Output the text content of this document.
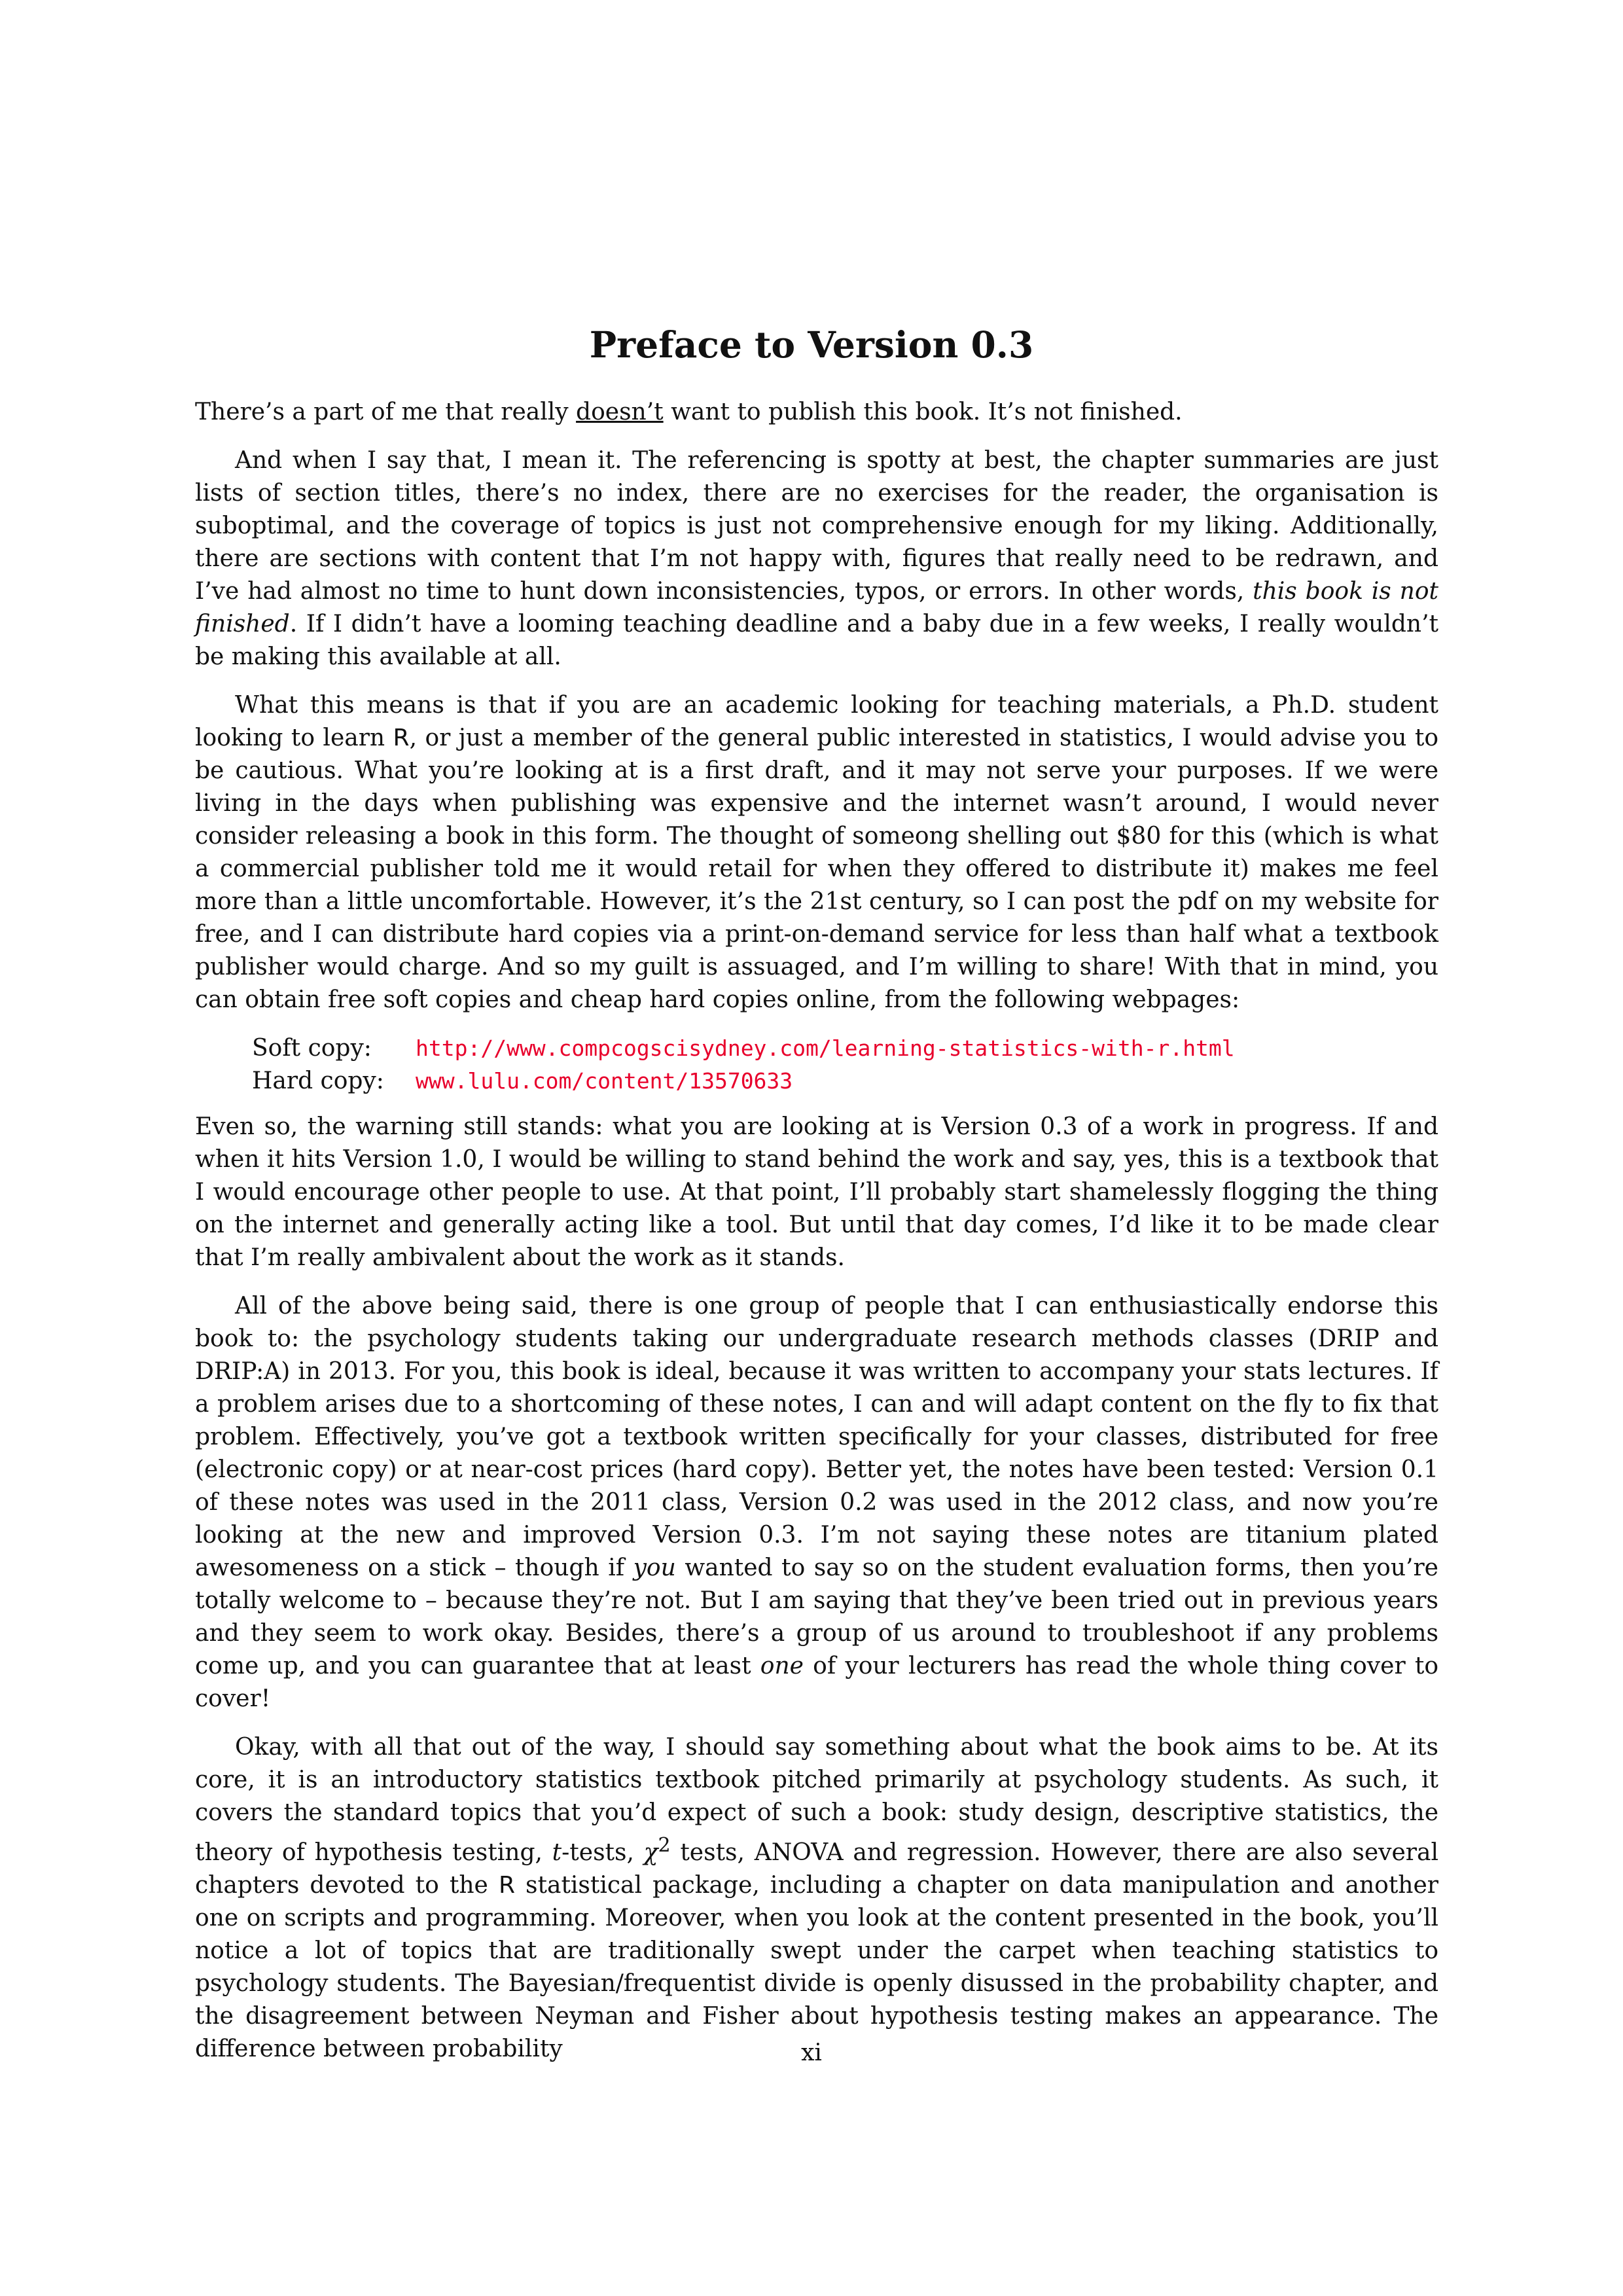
Preface to Version 0.3

There’s a part of me that really doesn’t want to publish this book. It’s not finished.

And when I say that, I mean it. The referencing is spotty at best, the chapter summaries are just lists of section titles, there’s no index, there are no exercises for the reader, the organisation is suboptimal, and the coverage of topics is just not comprehensive enough for my liking. Additionally, there are sections with content that I’m not happy with, figures that really need to be redrawn, and I’ve had almost no time to hunt down inconsistencies, typos, or errors. In other words, this book is not finished. If I didn’t have a looming teaching deadline and a baby due in a few weeks, I really wouldn’t be making this available at all.

What this means is that if you are an academic looking for teaching materials, a Ph.D. student looking to learn R, or just a member of the general public interested in statistics, I would advise you to be cautious. What you’re looking at is a first draft, and it may not serve your purposes. If we were living in the days when publishing was expensive and the internet wasn’t around, I would never consider releasing a book in this form. The thought of someong shelling out $80 for this (which is what a commercial publisher told me it would retail for when they offered to distribute it) makes me feel more than a little uncomfortable. However, it’s the 21st century, so I can post the pdf on my website for free, and I can distribute hard copies via a print-on-demand service for less than half what a textbook publisher would charge. And so my guilt is assuaged, and I’m willing to share! With that in mind, you can obtain free soft copies and cheap hard copies online, from the following webpages:

Soft copy:	http://www.compcogscisydney.com/learning-statistics-with-r.html
Hard copy:	www.lulu.com/content/13570633

Even so, the warning still stands: what you are looking at is Version 0.3 of a work in progress. If and when it hits Version 1.0, I would be willing to stand behind the work and say, yes, this is a textbook that I would encourage other people to use. At that point, I’ll probably start shamelessly flogging the thing on the internet and generally acting like a tool. But until that day comes, I’d like it to be made clear that I’m really ambivalent about the work as it stands.

All of the above being said, there is one group of people that I can enthusiastically endorse this book to: the psychology students taking our undergraduate research methods classes (DRIP and DRIP:A) in 2013. For you, this book is ideal, because it was written to accompany your stats lectures. If a problem arises due to a shortcoming of these notes, I can and will adapt content on the fly to fix that problem. Effectively, you’ve got a textbook written specifically for your classes, distributed for free (electronic copy) or at near-cost prices (hard copy). Better yet, the notes have been tested: Version 0.1 of these notes was used in the 2011 class, Version 0.2 was used in the 2012 class, and now you’re looking at the new and improved Version 0.3. I’m not saying these notes are titanium plated awesomeness on a stick – though if you wanted to say so on the student evaluation forms, then you’re totally welcome to – because they’re not. But I am saying that they’ve been tried out in previous years and they seem to work okay. Besides, there’s a group of us around to troubleshoot if any problems come up, and you can guarantee that at least one of your lecturers has read the whole thing cover to cover!

Okay, with all that out of the way, I should say something about what the book aims to be. At its core, it is an introductory statistics textbook pitched primarily at psychology students. As such, it covers the standard topics that you’d expect of such a book: study design, descriptive statistics, the theory of hypothesis testing, t-tests, $\chi^2$ tests, ANOVA and regression. However, there are also several chapters devoted to the R statistical package, including a chapter on data manipulation and another one on scripts and programming. Moreover, when you look at the content presented in the book, you’ll notice a lot of topics that are traditionally swept under the carpet when teaching statistics to psychology students. The Bayesian/frequentist divide is openly disussed in the probability chapter, and the disagreement between Neyman and Fisher about hypothesis testing makes an appearance. The difference between probability	xi
